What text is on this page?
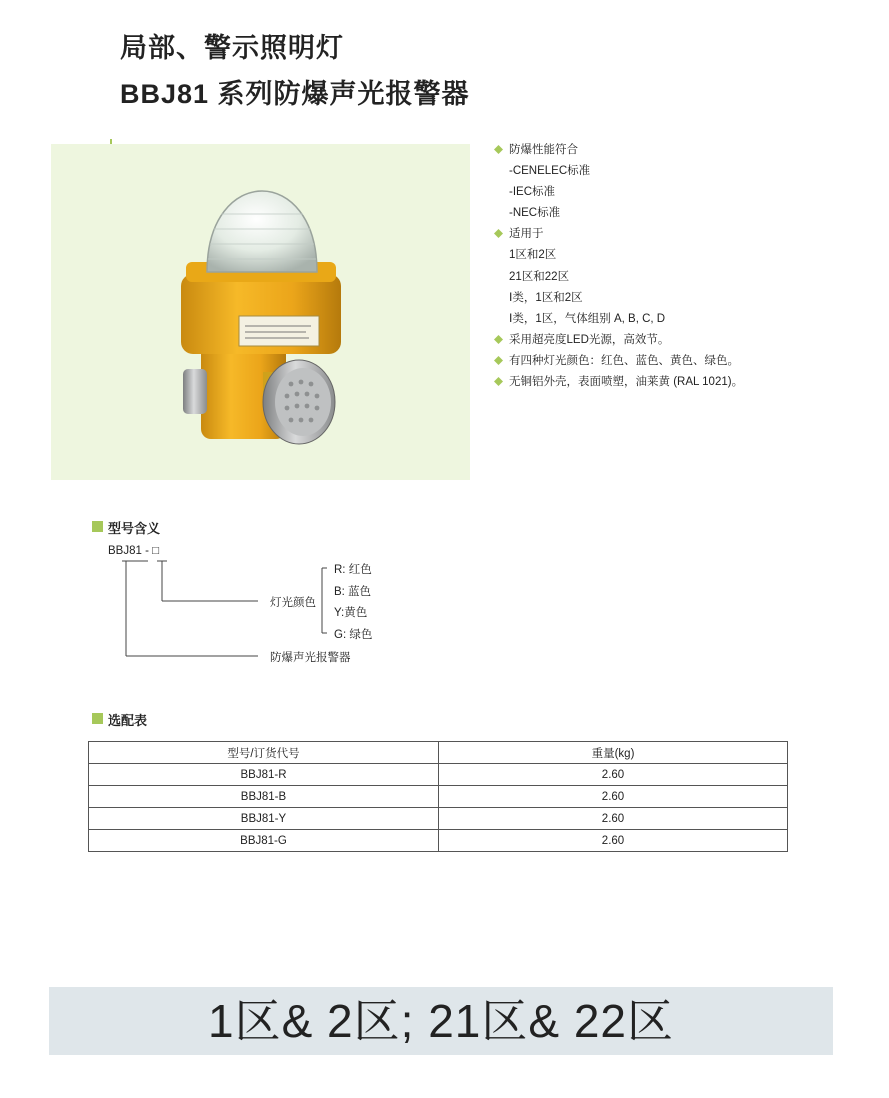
局部、警示照明灯
BBJ81 系列防爆声光报警器
防爆性能符合
-CENELEC标准
-IEC标准
-NEC标准
适用于
1区和2区
21区和22区
Ⅰ类，1区和2区
Ⅰ类，1区，气体组别 A, B, C, D
采用超亮度LED光源，高效节。
有四种灯光颜色：红色、蓝色、黄色、绿色。
无铜铝外壳，表面喷塑，油莱黄 (RAL 1021)。
型号含义
BBJ81 - □
灯光颜色
R: 红色
B: 蓝色
Y:黄色
G: 绿色
防爆声光报警器
选配表
型号/订货代号	重量(kg)
BBJ81-R	2.60
BBJ81-B	2.60
BBJ81-Y	2.60
BBJ81-G	2.60
1区& 2区; 21区& 22区
